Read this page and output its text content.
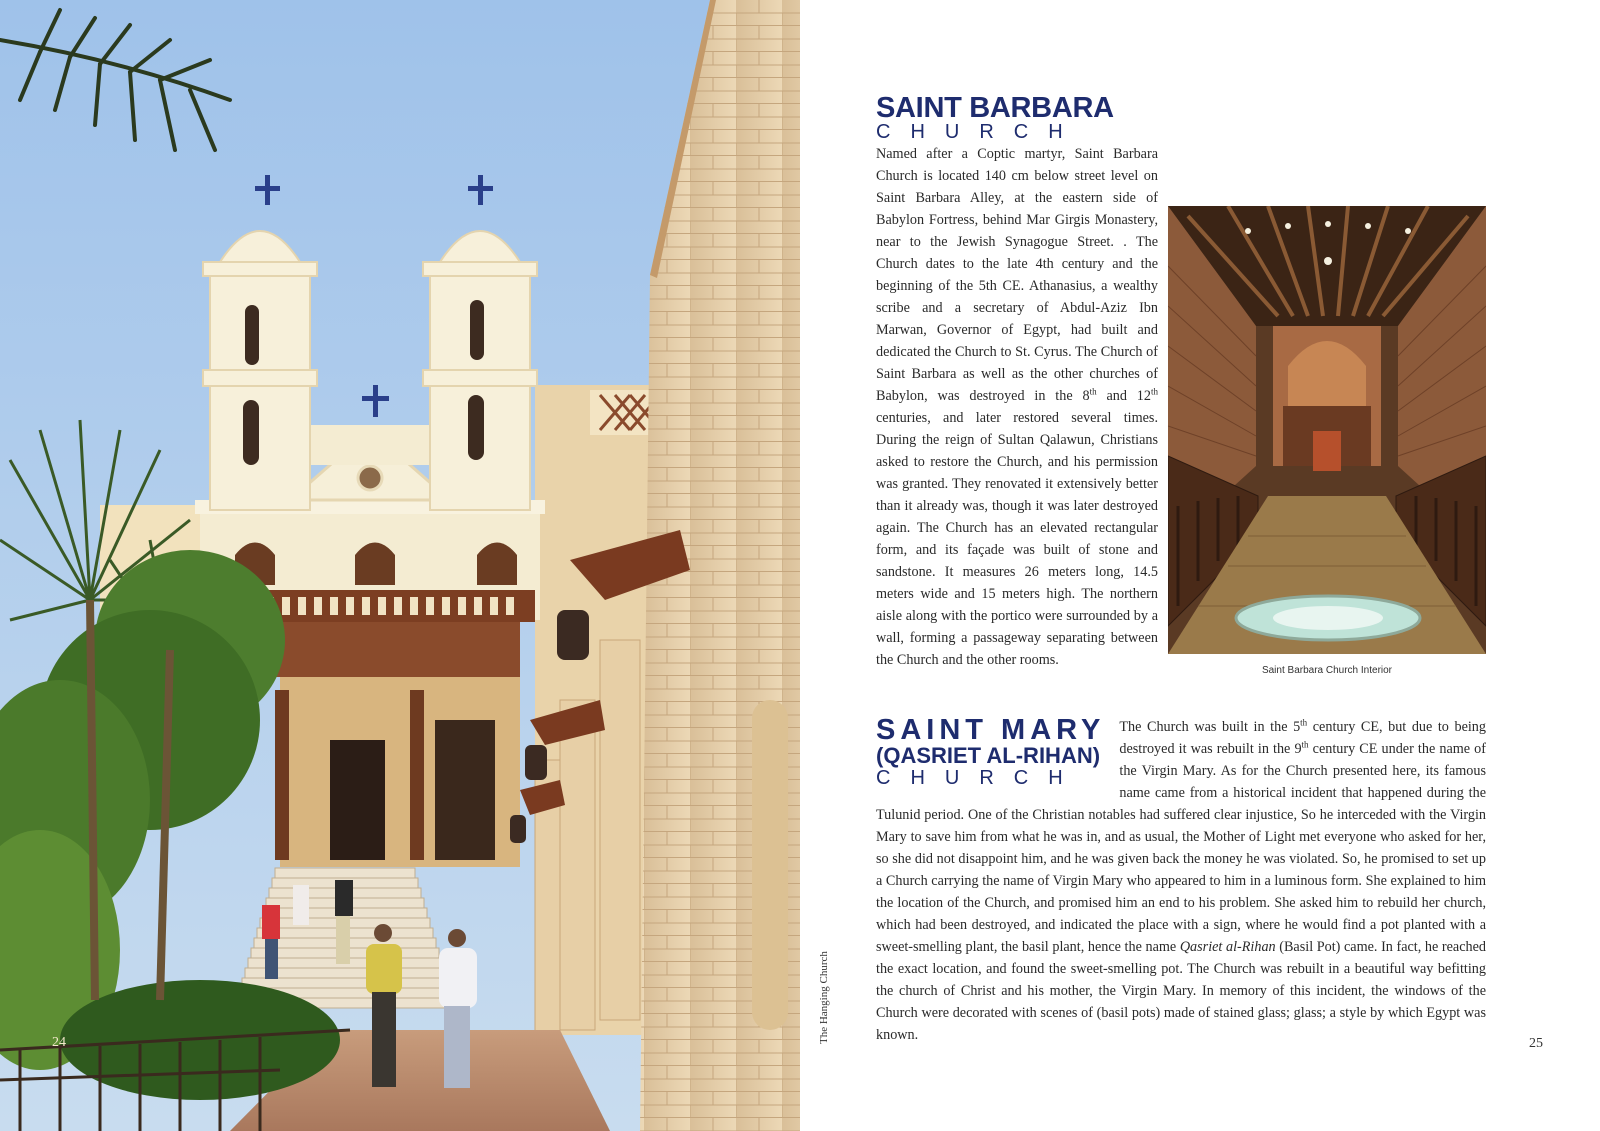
24	The Hanging Church
SAINT BARBARA
CHURCH
Saint Barbara Church Interior
Named after a Coptic martyr, Saint Barbara Church is located 140 cm below street level on Saint Barbara Alley, at the eastern side of Babylon Fortress, behind Mar Girgis Monastery, near to the Jewish Synagogue Street. . The Church dates to the late 4th century and the beginning of the 5th CE. Athanasius, a wealthy scribe and a secretary of Abdul-Aziz Ibn Marwan, Governor of Egypt, had built and dedicated the Church to St. Cyrus. The Church of Saint Barbara as well as the other churches of Babylon, was destroyed in the 8th and 12th centuries, and later restored several times. During the reign of Sultan Qalawun, Christians asked to restore the Church, and his permission was granted. They renovated it extensively better than it already was, though it was later destroyed again. The Church has an elevated rectangular form, and its façade was built of stone and sandstone. It measures 26 meters long, 14.5 meters wide and 15 meters high. The northern aisle along with the portico were surrounded by a wall, forming a passageway separating between the Church and the other rooms.
SAINT MARY
(QASRIET AL-RIHAN)
CHURCH
The Church was built in the 5th century CE, but due to being destroyed it was rebuilt in the 9th century CE under the name of the Virgin Mary. As for the Church presented here, its famous name came from a historical incident that happened during the Tulunid period. One of the Christian notables had suffered clear injustice, So he interceded with the Virgin Mary to save him from what he was in, and as usual, the Mother of Light met everyone who asked for her, so she did not disappoint him, and he was given back the money he was violated. So, he promised to set up a Church carrying the name of Virgin Mary who appeared to him in a luminous form. She explained to him the location of the Church, and promised him an end to his problem. She asked him to rebuild her church, which had been destroyed, and indicated the place with a sign, where he would find a pot planted with a sweet-smelling plant, the basil plant, hence the name Qasriet al-Rihan (Basil Pot) came. In fact, he reached the exact location, and found the sweet-smelling pot. The Church was rebuilt in a beautiful way befitting the church of Christ and his mother, the Virgin Mary. In memory of this incident, the windows of the Church were decorated with scenes of (basil pots) made of stained glass; glass; a style by which Egypt was known.
25
